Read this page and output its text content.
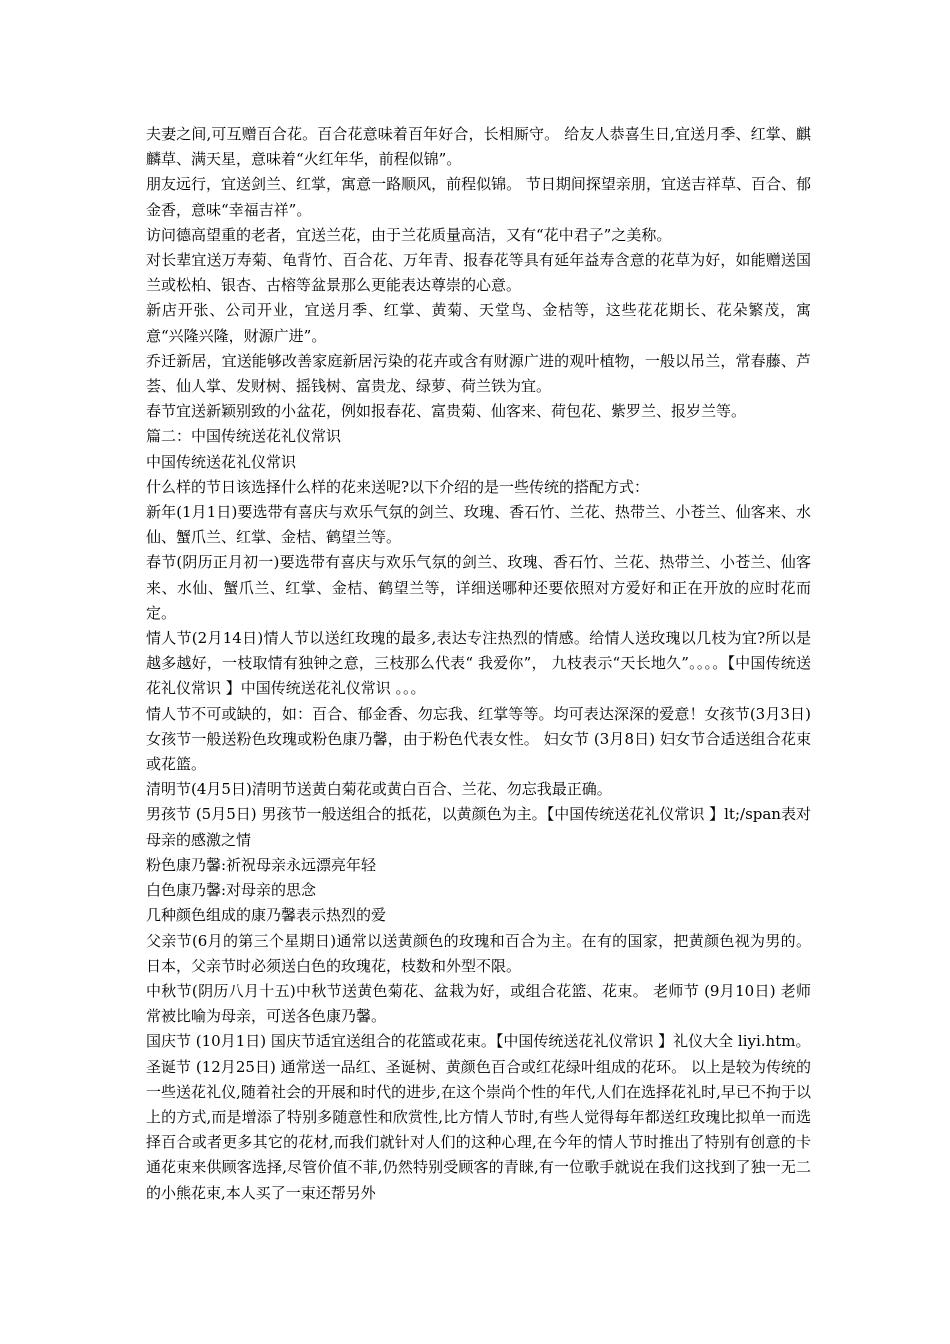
夫妻之间,可互赠百合花。百合花意味着百年好合，长相厮守。 给友人恭喜生日,宜送月季、红掌、麒麟草、满天星，意味着“火红年华，前程似锦”。

朋友远行，宜送剑兰、红掌，寓意一路顺风，前程似锦。 节日期间探望亲朋，宜送吉祥草、百合、郁金香，意味“幸福吉祥”。

访问德高望重的老者，宜送兰花，由于兰花质量高洁，又有“花中君子”之美称。

对长辈宜送万寿菊、龟背竹、百合花、万年青、报春花等具有延年益寿含意的花草为好，如能赠送国兰或松柏、银杏、古榕等盆景那么更能表达尊崇的心意。

新店开张、公司开业，宜送月季、红掌、黄菊、天堂鸟、金桔等，这些花花期长、花朵繁茂，寓意“兴隆兴隆，财源广进”。

乔迁新居，宜送能够改善家庭新居污染的花卉或含有财源广进的观叶植物，一般以吊兰，常春藤、芦荟、仙人掌、发财树、摇钱树、富贵龙、绿萝、荷兰铁为宜。

春节宜送新颖别致的小盆花，例如报春花、富贵菊、仙客来、荷包花、紫罗兰、报岁兰等。

篇二：中国传统送花礼仪常识

中国传统送花礼仪常识

什么样的节日该选择什么样的花来送呢?以下介绍的是一些传统的搭配方式：

新年(1月1日)要选带有喜庆与欢乐气氛的剑兰、玫瑰、香石竹、兰花、热带兰、小苍兰、仙客来、水仙、蟹爪兰、红掌、金桔、鹤望兰等。

春节(阴历正月初一)要选带有喜庆与欢乐气氛的剑兰、玫瑰、香石竹、兰花、热带兰、小苍兰、仙客来、水仙、蟹爪兰、红掌、金桔、鹤望兰等，详细送哪种还要依照对方爱好和正在开放的应时花而定。

情人节(2月14日)情人节以送红玫瑰的最多,表达专注热烈的情感。给情人送玫瑰以几枝为宜?所以是越多越好，一枝取情有独钟之意，三枝那么代表“ 我爱你”， 九枝表示“天长地久”。。。。【中国传统送花礼仪常识 】中国传统送花礼仪常识 。。。

情人节不可或缺的，如：百合、郁金香、勿忘我、红掌等等。均可表达深深的爱意！女孩节(3月3日)女孩节一般送粉色玫瑰或粉色康乃馨，由于粉色代表女性。 妇女节 (3月8日) 妇女节合适送组合花束或花篮。

清明节(4月5日)清明节送黄白菊花或黄白百合、兰花、勿忘我最正确。

男孩节 (5月5日) 男孩节一般送组合的抵花，以黄颜色为主。【中国传统送花礼仪常识 】lt;/span表对母亲的感激之情

粉色康乃馨:祈祝母亲永远漂亮年轻

白色康乃馨:对母亲的思念

几种颜色组成的康乃馨表示热烈的爱

父亲节(6月的第三个星期日)通常以送黄颜色的玫瑰和百合为主。在有的国家，把黄颜色视为男的。日本，父亲节时必须送白色的玫瑰花，枝数和外型不限。

中秋节(阴历八月十五)中秋节送黄色菊花、盆栽为好，或组合花篮、花束。 老师节 (9月10日) 老师常被比喻为母亲，可送各色康乃馨。

国庆节 (10月1日) 国庆节适宜送组合的花篮或花束。【中国传统送花礼仪常识 】礼仪大全 liyi.htm。

圣诞节 (12月25日) 通常送一品红、圣诞树、黄颜色百合或红花绿叶组成的花环。 以上是较为传统的一些送花礼仪,随着社会的开展和时代的进步,在这个崇尚个性的年代,人们在选择花礼时,早已不拘于以上的方式,而是增添了特别多随意性和欣赏性,比方情人节时,有些人觉得每年都送红玫瑰比拟单一而选择百合或者更多其它的花材,而我们就针对人们的这种心理,在今年的情人节时推出了特别有创意的卡通花束来供顾客选择,尽管价值不菲,仍然特别受顾客的青睐,有一位歌手就说在我们这找到了独一无二的小熊花束,本人买了一束还帮另外
